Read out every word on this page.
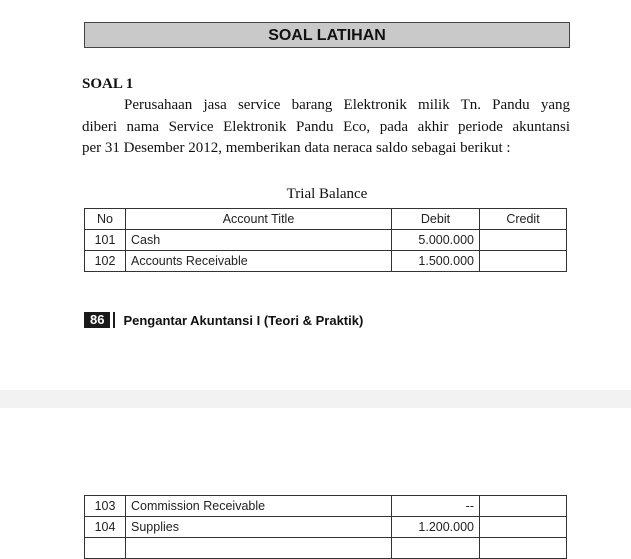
SOAL LATIHAN
SOAL 1

Perusahaan jasa service barang Elektronik milik Tn. Pandu yang
diberi nama Service Elektronik Pandu Eco, pada akhir periode akuntansi
per 31 Desember 2012, memberikan data neraca saldo sebagai berikut :

Trial Balance
No	Account Title	Debit	Credit
101	Cash	5.000.000	
102	Accounts Receivable	1.500.000	
86	Pengantar Akuntansi I (Teori & Praktik)
103	Commission Receivable	--	
104	Supplies	1.200.000	
